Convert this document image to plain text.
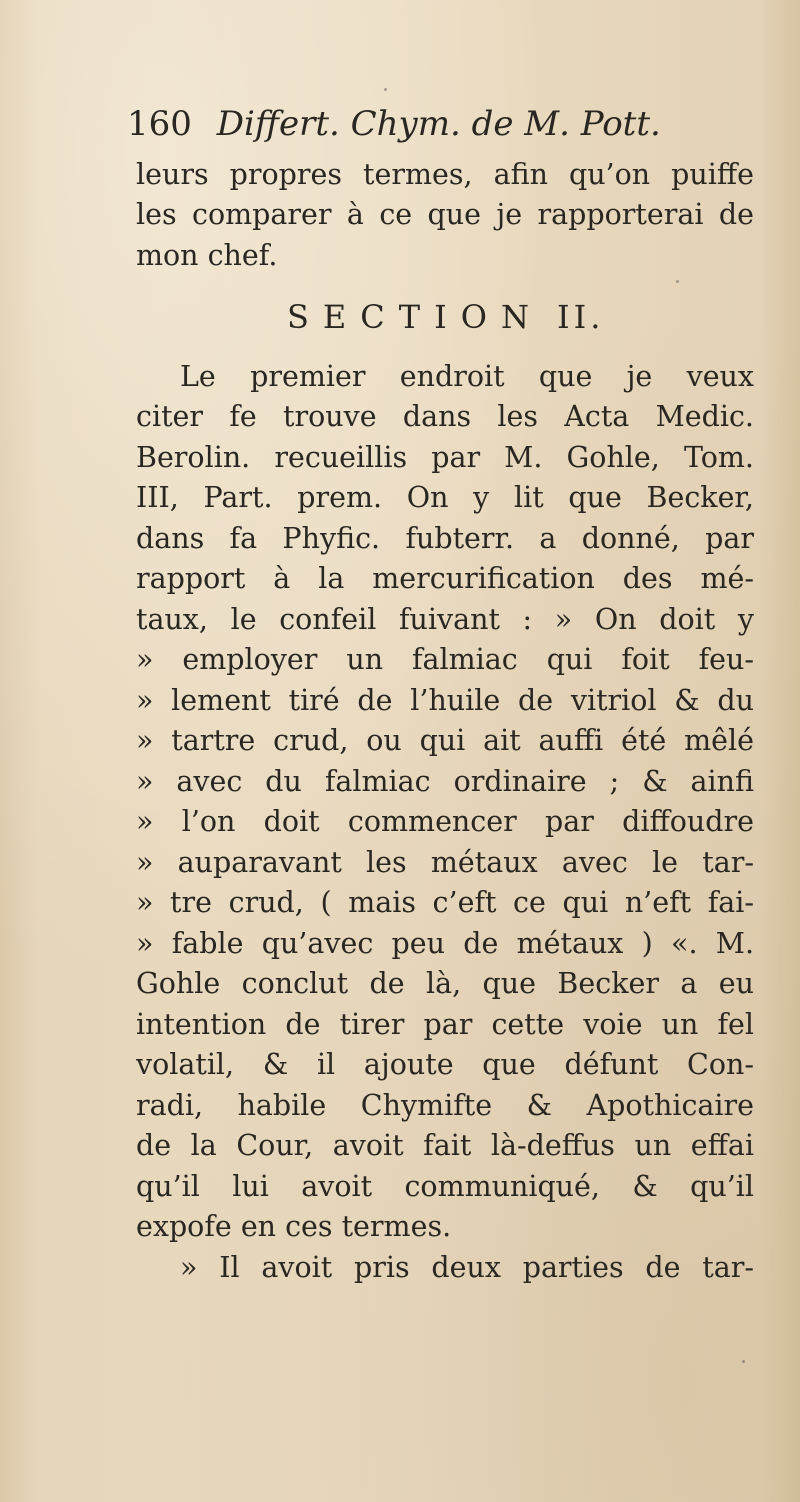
160 Differt. Chym. de M. Pott.
leurs propres termes, afin qu’on puiffe
les comparer à ce que je rapporterai de
mon chef.
SECTION II.
Le premier endroit que je veux
citer fe trouve dans les Acta Medic.
Berolin. recueillis par M. Gohle, Tom.
III, Part. prem. On y lit que Becker,
dans fa Phyfic. fubterr. a donné, par
rapport à la mercurification des mé-
taux, le confeil fuivant : » On doit y
» employer un falmiac qui foit feu-
» lement tiré de l’huile de vitriol & du
» tartre crud, ou qui ait auffi été mêlé
» avec du falmiac ordinaire ; & ainfi
» l’on doit commencer par diffoudre
» auparavant les métaux avec le tar-
» tre crud, ( mais c’eft ce qui n’eft fai-
» fable qu’avec peu de métaux ) «. M.
Gohle conclut de là, que Becker a eu
intention de tirer par cette voie un fel
volatil, & il ajoute que défunt Con-
radi, habile Chymifte & Apothicaire
de la Cour, avoit fait là-deffus un effai
qu’il lui avoit communiqué, & qu’il
expofe en ces termes.
» Il avoit pris deux parties de tar-
